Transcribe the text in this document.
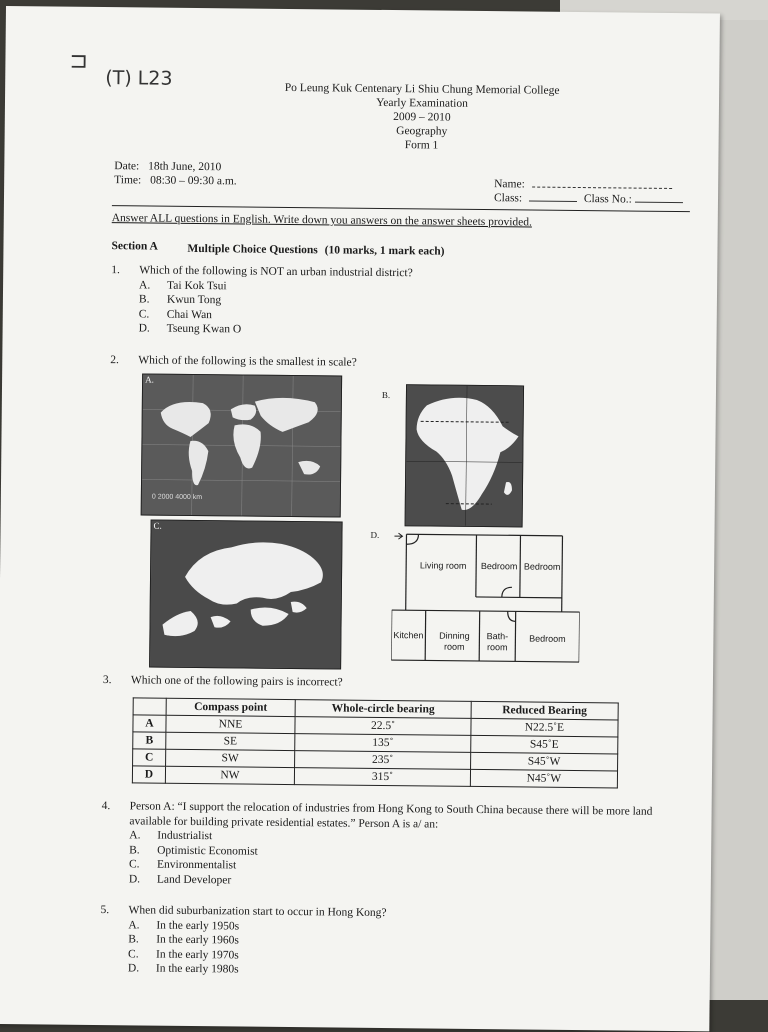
⊐
(T) L23	Po Leung Kuk Centenary Li Shiu Chung Memorial College
Yearly Examination
2009 – 2010
Geography
Form 1
Date: 18th June, 2010
Time: 08:30 – 09:30 a.m.	Name:
Class:	Class No.:
Answer ALL questions in English. Write down you answers on the answer sheets provided.
Section A	Multiple Choice Questions (10 marks, 1 mark each)
1.	Which of the following is NOT an urban industrial district?
A.	Tai Kok Tsui
B.	Kwun Tong
C.	Chai Wan
D.	Tseung Kwan O
2.	Which of the following is the smallest in scale?
0 2000 4000 km
A.
B.
C.
D.
Living room	Bedroom Bedroom
Kitchen	Dinning room
Bath-room
Bedroom
3.	Which one of the following pairs is incorrect?
	Compass point	Whole-circle bearing	Reduced Bearing
A	NNE	22.5˚	N22.5˚E
B	SE	135˚	S45˚E
C	SW	235˚	S45˚W
D	NW	315˚	N45˚W
4.	Person A: “I support the relocation of industries from Hong Kong to South China because there will be more land available for building private residential estates.” Person A is a/ an:
A.	Industrialist
B.	Optimistic Economist
C.	Environmentalist
D.	Land Developer
5.	When did suburbanization start to occur in Hong Kong?
A.	In the early 1950s
B.	In the early 1960s
C.	In the early 1970s
D.	In the early 1980s
